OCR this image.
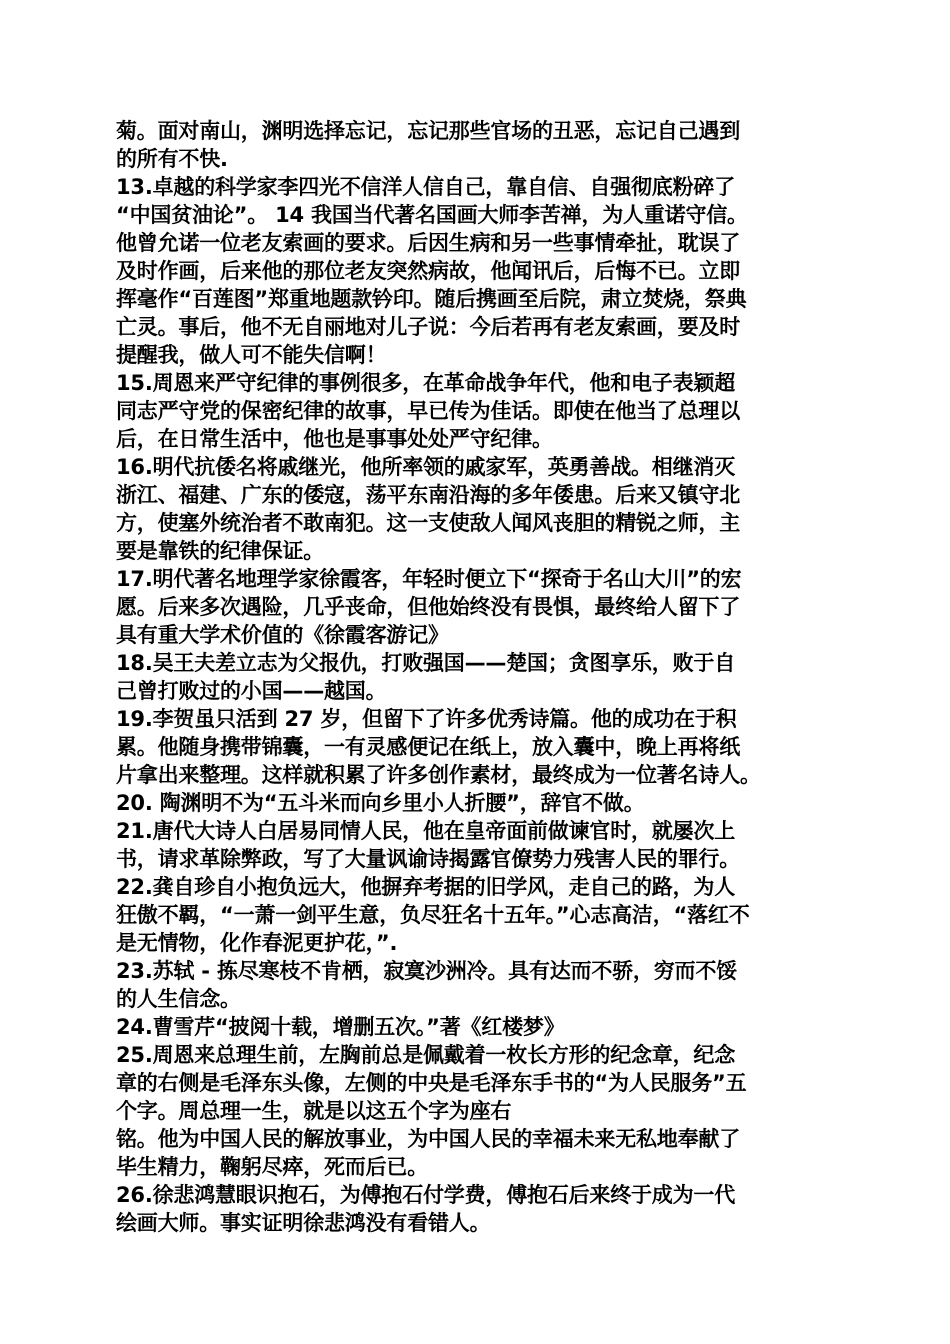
菊。面对南山，渊明选择忘记，忘记那些官场的丑恶，忘记自己遇到
的所有不快.
13.卓越的科学家李四光不信洋人信自己，靠自信、自强彻底粉碎了
“中国贫油论”。 14 我国当代著名国画大师李苦禅，为人重诺守信。
他曾允诺一位老友索画的要求。后因生病和另一些事情牵扯，耽误了
及时作画，后来他的那位老友突然病故，他闻讯后，后悔不已。立即
挥毫作“百莲图”郑重地题款钤印。随后携画至后院，肃立焚烧，祭典
亡灵。事后，他不无自丽地对儿子说：今后若再有老友索画，要及时
提醒我，做人可不能失信啊！
15.周恩来严守纪律的事例很多，在革命战争年代，他和电子表颖超
同志严守党的保密纪律的故事，早已传为佳话。即使在他当了总理以
后，在日常生活中，他也是事事处处严守纪律。
16.明代抗倭名将戚继光，他所率领的戚家军，英勇善战。相继消灭
浙江、福建、广东的倭寇，荡平东南沿海的多年倭患。后来又镇守北
方，使塞外统治者不敢南犯。这一支使敌人闻风丧胆的精锐之师，主
要是靠铁的纪律保证。
17.明代著名地理学家徐霞客，年轻时便立下“探奇于名山大川”的宏
愿。后来多次遇险，几乎丧命，但他始终没有畏惧，最终给人留下了
具有重大学术价值的《徐霞客游记》
18.吴王夫差立志为父报仇，打败强国——楚国；贪图享乐，败于自
己曾打败过的小国——越国。
19.李贺虽只活到 27 岁，但留下了许多优秀诗篇。他的成功在于积
累。他随身携带锦囊，一有灵感便记在纸上，放入囊中，晚上再将纸
片拿出来整理。这样就积累了许多创作素材，最终成为一位著名诗人。
20. 陶渊明不为“五斗米而向乡里小人折腰”，辞官不做。
21.唐代大诗人白居易同情人民，他在皇帝面前做谏官时，就屡次上
书，请求革除弊政，写了大量讽谕诗揭露官僚势力残害人民的罪行。
22.龚自珍自小抱负远大，他摒弃考据的旧学风，走自己的路，为人
狂傲不羁，“一萧一剑平生意，负尽狂名十五年。”心志高洁，“落红不
是无情物，化作春泥更护花，”.
23.苏轼 - 拣尽寒枝不肯栖，寂寞沙洲冷。具有达而不骄，穷而不馁
的人生信念。
24.曹雪芹“披阅十载，增删五次。”著《红楼梦》
25.周恩来总理生前，左胸前总是佩戴着一枚长方形的纪念章，纪念
章的右侧是毛泽东头像，左侧的中央是毛泽东手书的“为人民服务”五
个字。周总理一生，就是以这五个字为座右
铭。他为中国人民的解放事业，为中国人民的幸福未来无私地奉献了
毕生精力，鞠躬尽瘁，死而后已。
26.徐悲鸿慧眼识抱石，为傅抱石付学费，傅抱石后来终于成为一代
绘画大师。事实证明徐悲鸿没有看错人。
